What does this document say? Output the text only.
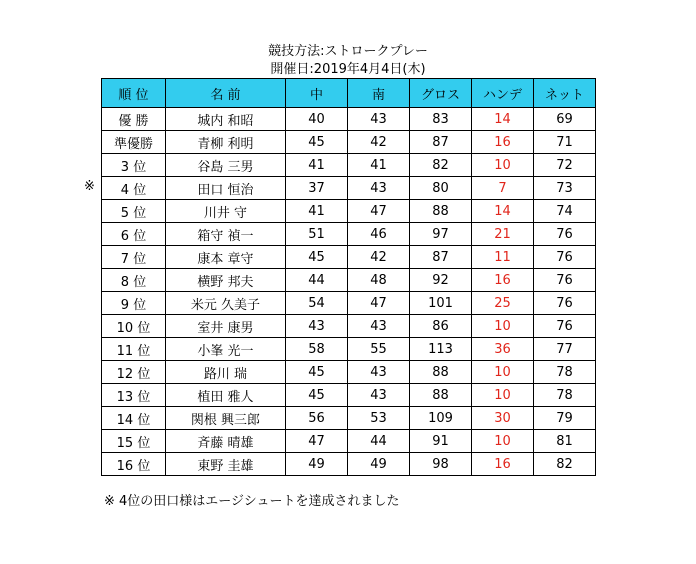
競技方法:ストロークプレー
開催日:2019年4月4日(木)
順 位	名 前	中	南	グロス	ハンデ	ネット
優 勝	城内 和昭	40	43	83	14	69
準優勝	青柳 利明	45	42	87	16	71
3 位	谷島 三男	41	41	82	10	72
4 位	田口 恒治	37	43	80	7	73
5 位	川井 守	41	47	88	14	74
6 位	箱守 禎一	51	46	97	21	76
7 位	康本 章守	45	42	87	11	76
8 位	横野 邦夫	44	48	92	16	76
9 位	米元 久美子	54	47	101	25	76
10 位	室井 康男	43	43	86	10	76
11 位	小峯 光一	58	55	113	36	77
12 位	路川 瑞	45	43	88	10	78
13 位	植田 雅人	45	43	88	10	78
14 位	関根 興三郎	56	53	109	30	79
15 位	斉藤 晴雄	47	44	91	10	81
16 位	東野 圭雄	49	49	98	16	82
※
※ 4位の田口様はエージシュートを達成されました
